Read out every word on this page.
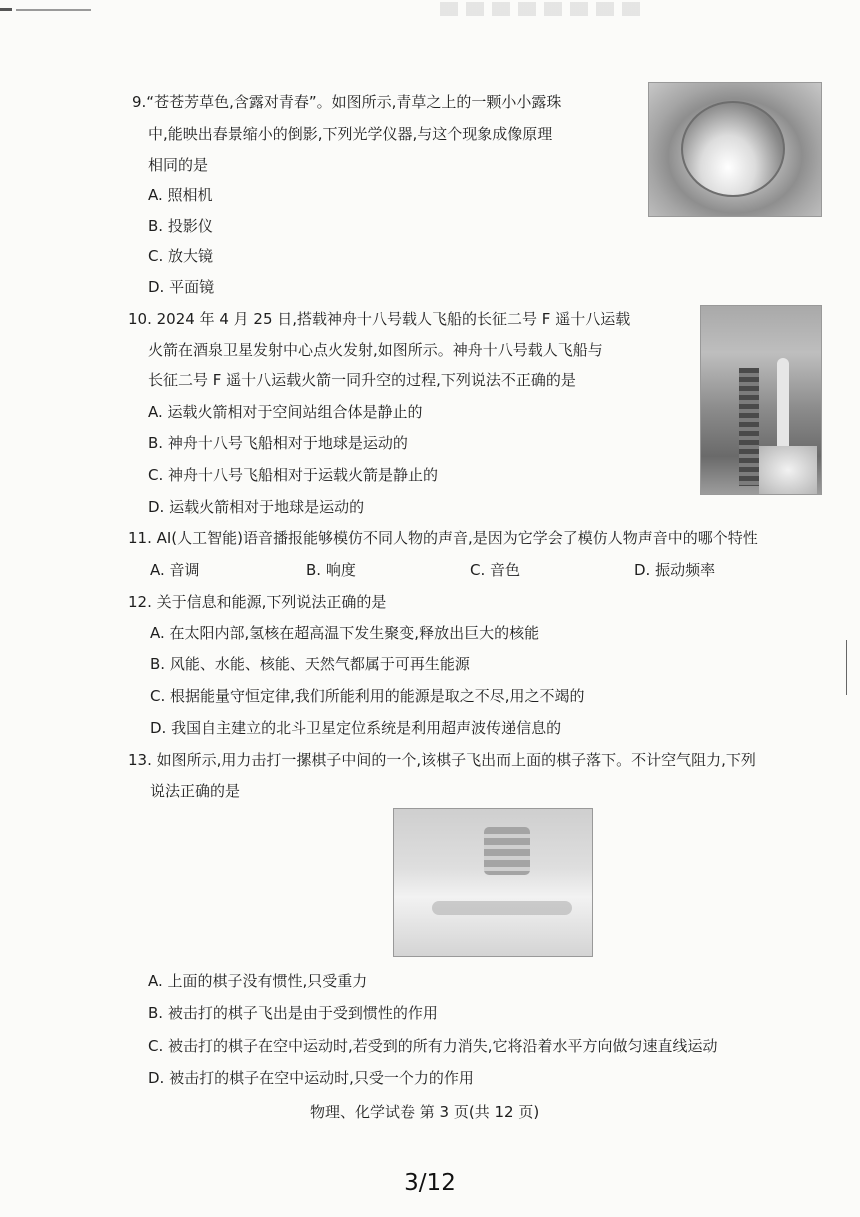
9.“苍苍芳草色,含露对青春”。如图所示,青草之上的一颗小小露珠
中,能映出春景缩小的倒影,下列光学仪器,与这个现象成像原理
相同的是
A. 照相机
B. 投影仪
C. 放大镜
D. 平面镜
10. 2024 年 4 月 25 日,搭载神舟十八号载人飞船的长征二号 F 遥十八运载
火箭在酒泉卫星发射中心点火发射,如图所示。神舟十八号载人飞船与
长征二号 F 遥十八运载火箭一同升空的过程,下列说法不正确的是
A. 运载火箭相对于空间站组合体是静止的
B. 神舟十八号飞船相对于地球是运动的
C. 神舟十八号飞船相对于运载火箭是静止的
D. 运载火箭相对于地球是运动的
11. AI(人工智能)语音播报能够模仿不同人物的声音,是因为它学会了模仿人物声音中的哪个特性
A. 音调	B. 响度	C. 音色	D. 振动频率
12. 关于信息和能源,下列说法正确的是
A. 在太阳内部,氢核在超高温下发生聚变,释放出巨大的核能
B. 风能、水能、核能、天然气都属于可再生能源
C. 根据能量守恒定律,我们所能利用的能源是取之不尽,用之不竭的
D. 我国自主建立的北斗卫星定位系统是利用超声波传递信息的
13. 如图所示,用力击打一摞棋子中间的一个,该棋子飞出而上面的棋子落下。不计空气阻力,下列
说法正确的是
A. 上面的棋子没有惯性,只受重力
B. 被击打的棋子飞出是由于受到惯性的作用
C. 被击打的棋子在空中运动时,若受到的所有力消失,它将沿着水平方向做匀速直线运动
D. 被击打的棋子在空中运动时,只受一个力的作用
物理、化学试卷 第 3 页(共 12 页)
3/12
